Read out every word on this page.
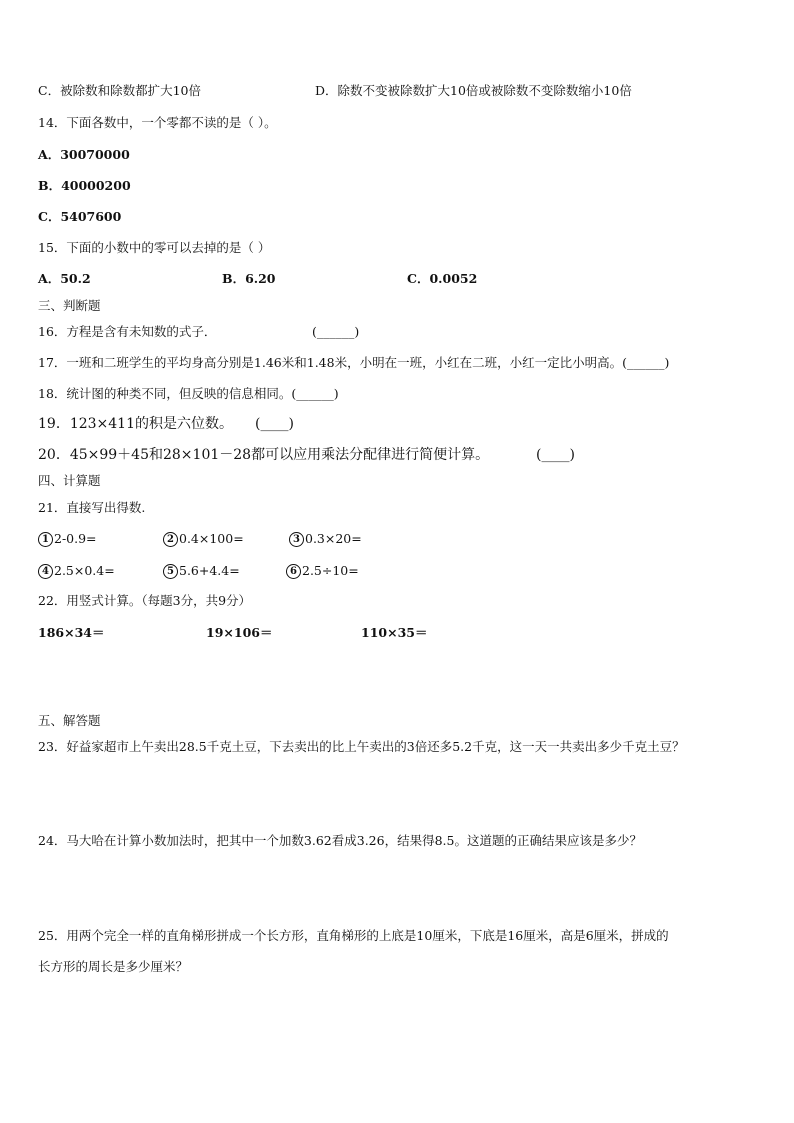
C．被除数和除数都扩大10倍	D．除数不变被除数扩大10倍或被除数不变除数缩小10倍
14．下面各数中，一个零都不读的是（ ）。
A．30070000
B．40000200
C．5407600
15．下面的小数中的零可以去掉的是（ ）
A．50.2	B．6.20	C．0.0052
三、判断题
16．方程是含有未知数的式子．	(______)
17．一班和二班学生的平均身高分别是1.46米和1.48米，小明在一班，小红在二班，小红一定比小明高。(______)
18．统计图的种类不同，但反映的信息相同。(______)
19．123×411的积是六位数。 (____)
20．45×99＋45和28×101－28都可以应用乘法分配律进行简便计算。	(____)
四、计算题
21．直接写出得数.
1 2-0.9=	2 0.4×100=	3 0.3×20=
4 2.5×0.4=	5 5.6+4.4=	6 2.5÷10=
22．用竖式计算。（每题3分，共9分）
186×34＝	19×106＝	110×35＝
五、解答题
23．好益家超市上午卖出28.5千克土豆，下去卖出的比上午卖出的3倍还多5.2千克，这一天一共卖出多少千克土豆？
24．马大哈在计算小数加法时，把其中一个加数3.62看成3.26，结果得8.5。这道题的正确结果应该是多少？
25．用两个完全一样的直角梯形拼成一个长方形，直角梯形的上底是10厘米，下底是16厘米，高是6厘米，拼成的
长方形的周长是多少厘米？
